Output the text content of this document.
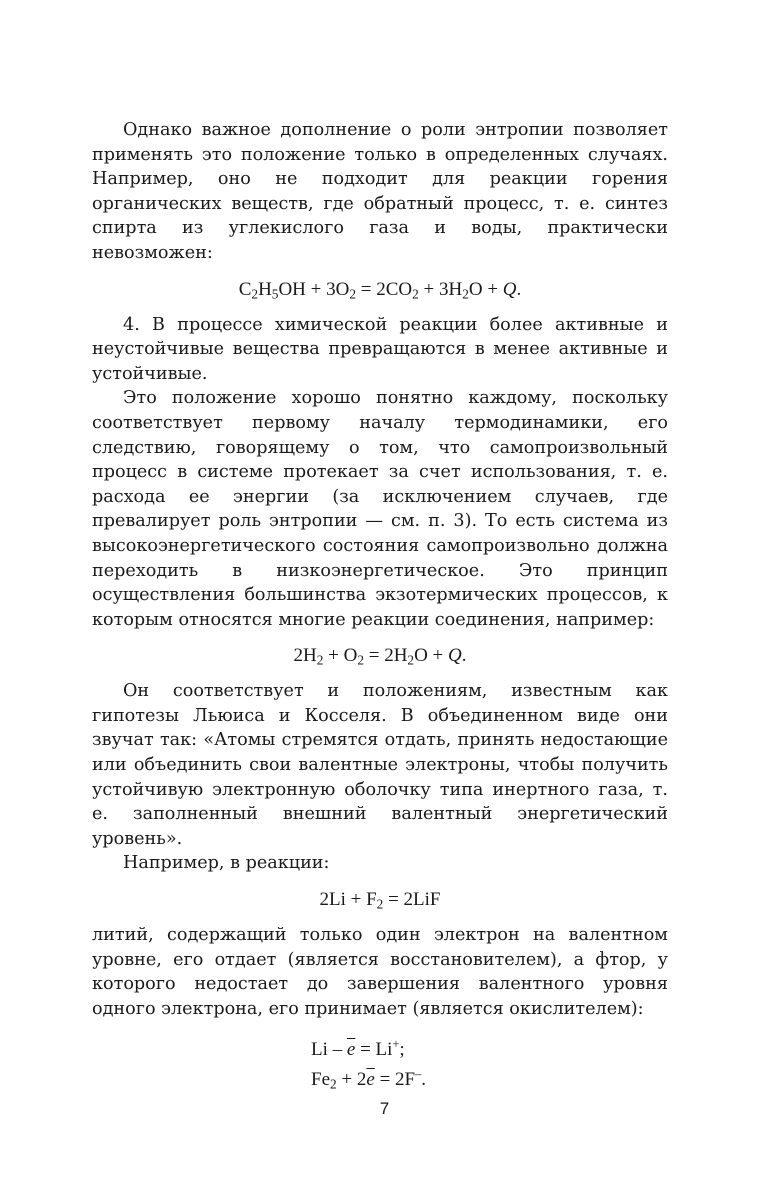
Однако важное дополнение о роли энтропии позволяет применять это положение только в определенных случаях. Например, оно не подходит для реакции горения органических веществ, где обратный процесс, т. е. синтез спирта из углекислого газа и воды, практически невозможен:

$C_2H_5OH + 3O_2 = 2CO_2 + 3H_2O + Q$.

4. В процессе химической реакции более активные и неустойчивые вещества превращаются в менее активные и устойчивые.

Это положение хорошо понятно каждому, поскольку соответствует первому началу термодинамики, его следствию, говорящему о том, что самопроизвольный процесс в системе протекает за счет использования, т. е. расхода ее энергии (за исключением случаев, где превалирует роль энтропии — см. п. 3). То есть система из высокоэнергетического состояния самопроизвольно должна переходить в низкоэнергетическое. Это принцип осуществления большинства экзотермических процессов, к которым относятся многие реакции соединения, например:

$2H_2 + O_2 = 2H_2O + Q$.

Он соответствует и положениям, известным как гипотезы Льюиса и Косселя. В объединенном виде они звучат так: «Атомы стремятся отдать, принять недостающие или объединить свои валентные электроны, чтобы получить устойчивую электронную оболочку типа инертного газа, т. е. заполненный внешний валентный энергетический уровень».

Например, в реакции:

$2Li + F_2 = 2LiF$

литий, содержащий только один электрон на валентном уровне, его отдает (является восстановителем), а фтор, у которого недостает до завершения валентного уровня одного электрона, его принимает (является окислителем):

$Li - \overline{e} = Li^+$;
$Fe_2 + 2\overline{e} = 2F^-$.
7
